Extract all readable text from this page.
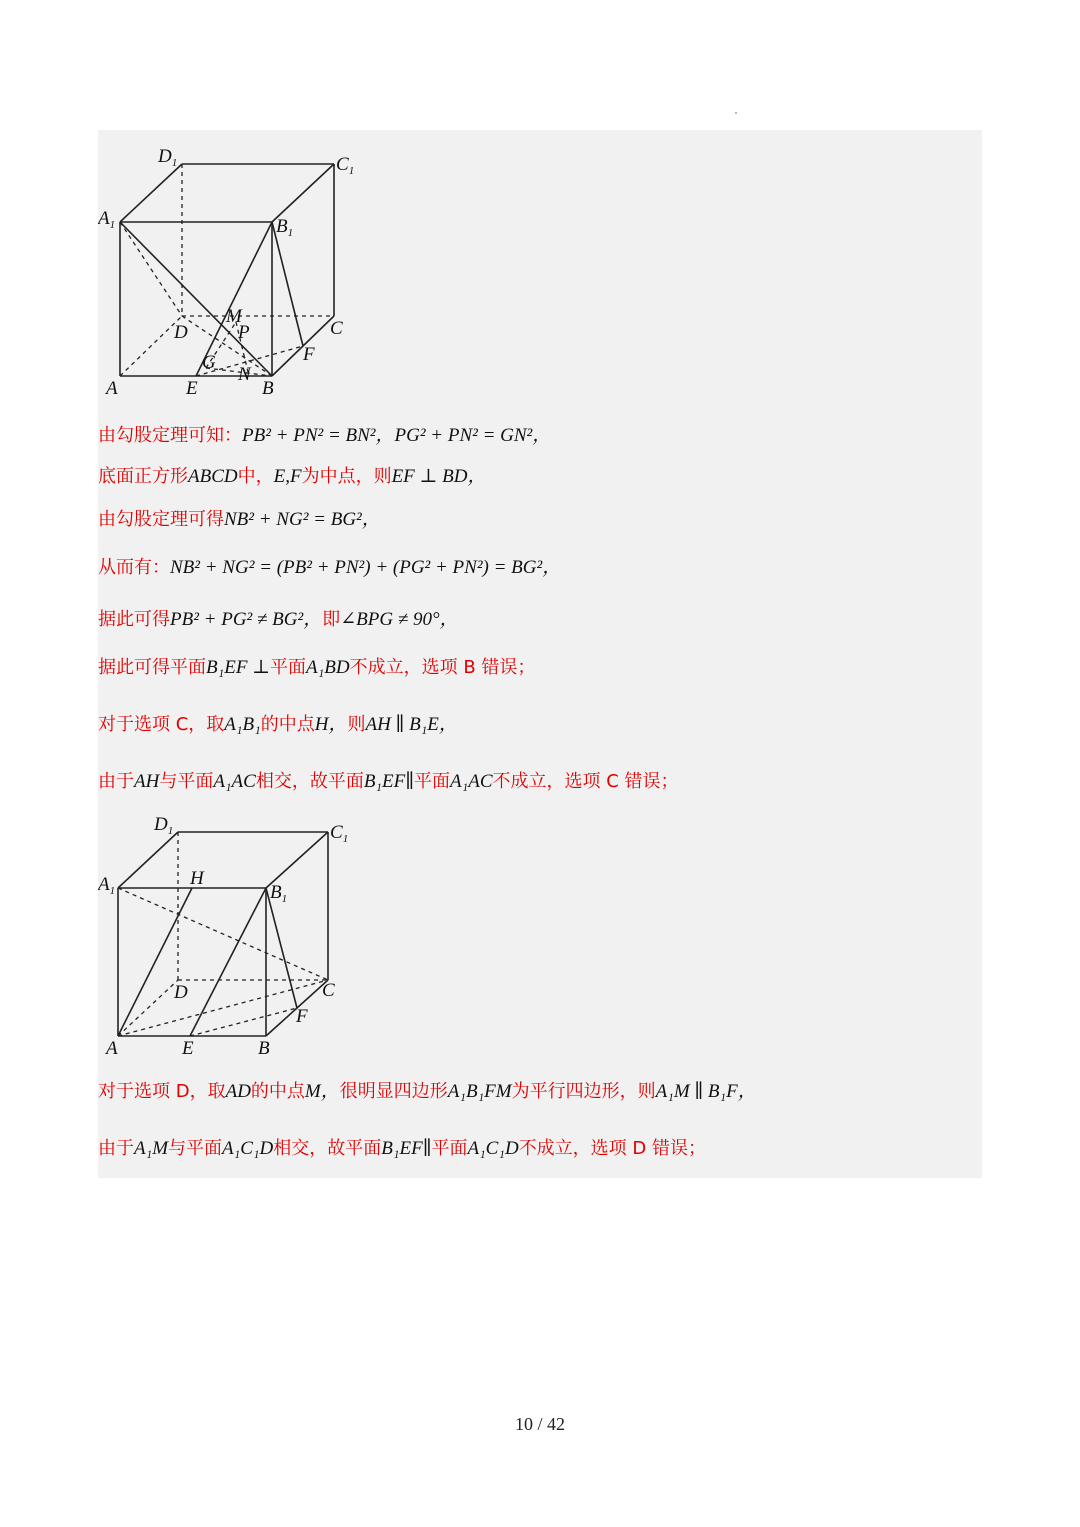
$D_1$	$C_1$
$A_1$	$B_1$
M
D	P	C
G	F
N
A	E	B
由勾股定理可知：PB² + PN² = BN²，PG² + PN² = GN²，
底面正方形ABCD中，E,F为中点，则EF ⊥ BD，
由勾股定理可得NB² + NG² = BG²，
从而有：NB² + NG² = (PB² + PN²) + (PG² + PN²) = BG²，
据此可得PB² + PG² ≠ BG²，即∠BPG ≠ 90°，
据此可得平面B₁EF ⊥平面A₁BD不成立，选项 B 错误；
对于选项 C，取A₁B₁的中点H，则AH ∥ B₁E，
由于AH与平面A₁AC相交，故平面B₁EF∥平面A₁AC不成立，选项 C 错误；
$D_1$	$C_1$
$A_1$
H
$B_1$
D	C
F
A	E	B
对于选项 D，取AD的中点M，很明显四边形A₁B₁FM为平行四边形，则A₁M ∥ B₁F，
由于A₁M与平面A₁C₁D相交，故平面B₁EF∥平面A₁C₁D不成立，选项 D 错误；
10 / 42
